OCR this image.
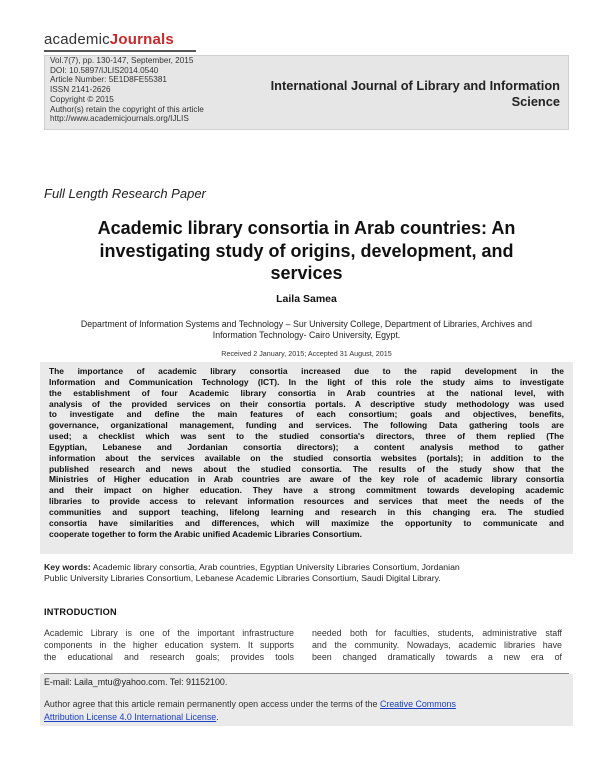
academicJournals
Vol.7(7), pp. 130-147, September, 2015
DOI: 10.5897/IJLIS2014.0540
Article Number: 5E1D8FE55381
ISSN 2141-2626
Copyright © 2015
Author(s) retain the copyright of this article
http://www.academicjournals.org/IJLIS
International Journal of Library and Information
Science
Full Length Research Paper
Academic library consortia in Arab countries: An
investigating study of origins, development, and
services
Laila Samea
Department of Information Systems and Technology – Sur University College, Department of Libraries, Archives and
Information Technology- Cairo University, Egypt.
Received 2 January, 2015; Accepted 31 August, 2015
The importance of academic library consortia increased due to the rapid development in the
Information and Communication Technology (ICT). In the light of this role the study aims to investigate
the establishment of four Academic library consortia in Arab countries at the national level, with
analysis of the provided services on their consortia portals. A descriptive study methodology was used
to investigate and define the main features of each consortium; goals and objectives, benefits,
governance, organizational management, funding and services. The following Data gathering tools are
used; a checklist which was sent to the studied consortia's directors, three of them replied (The
Egyptian, Lebanese and Jordanian consortia directors); a content analysis method to gather
information about the services available on the studied consortia websites (portals); in addition to the
published research and news about the studied consortia. The results of the study show that the
Ministries of Higher education in Arab countries are aware of the key role of academic library consortia
and their impact on higher education. They have a strong commitment towards developing academic
libraries to provide access to relevant information resources and services that meet the needs of the
communities and support teaching, lifelong learning and research in this changing era. The studied
consortia have similarities and differences, which will maximize the opportunity to communicate and
cooperate together to form the Arabic unified Academic Libraries Consortium.
Key words: Academic library consortia, Arab countries, Egyptian University Libraries Consortium, Jordanian
Public University Libraries Consortium, Lebanese Academic Libraries Consortium, Saudi Digital Library.
INTRODUCTION
Academic Library is one of the important infrastructure
components in the higher education system. It supports
the educational and research goals; provides tools
needed both for faculties, students, administrative staff
and the community. Nowadays, academic libraries have
been changed dramatically towards a new era of
E-mail: Laila_mtu@yahoo.com. Tel: 91152100.
Author agree that this article remain permanently open access under the terms of the Creative Commons
Attribution License 4.0 International License.
